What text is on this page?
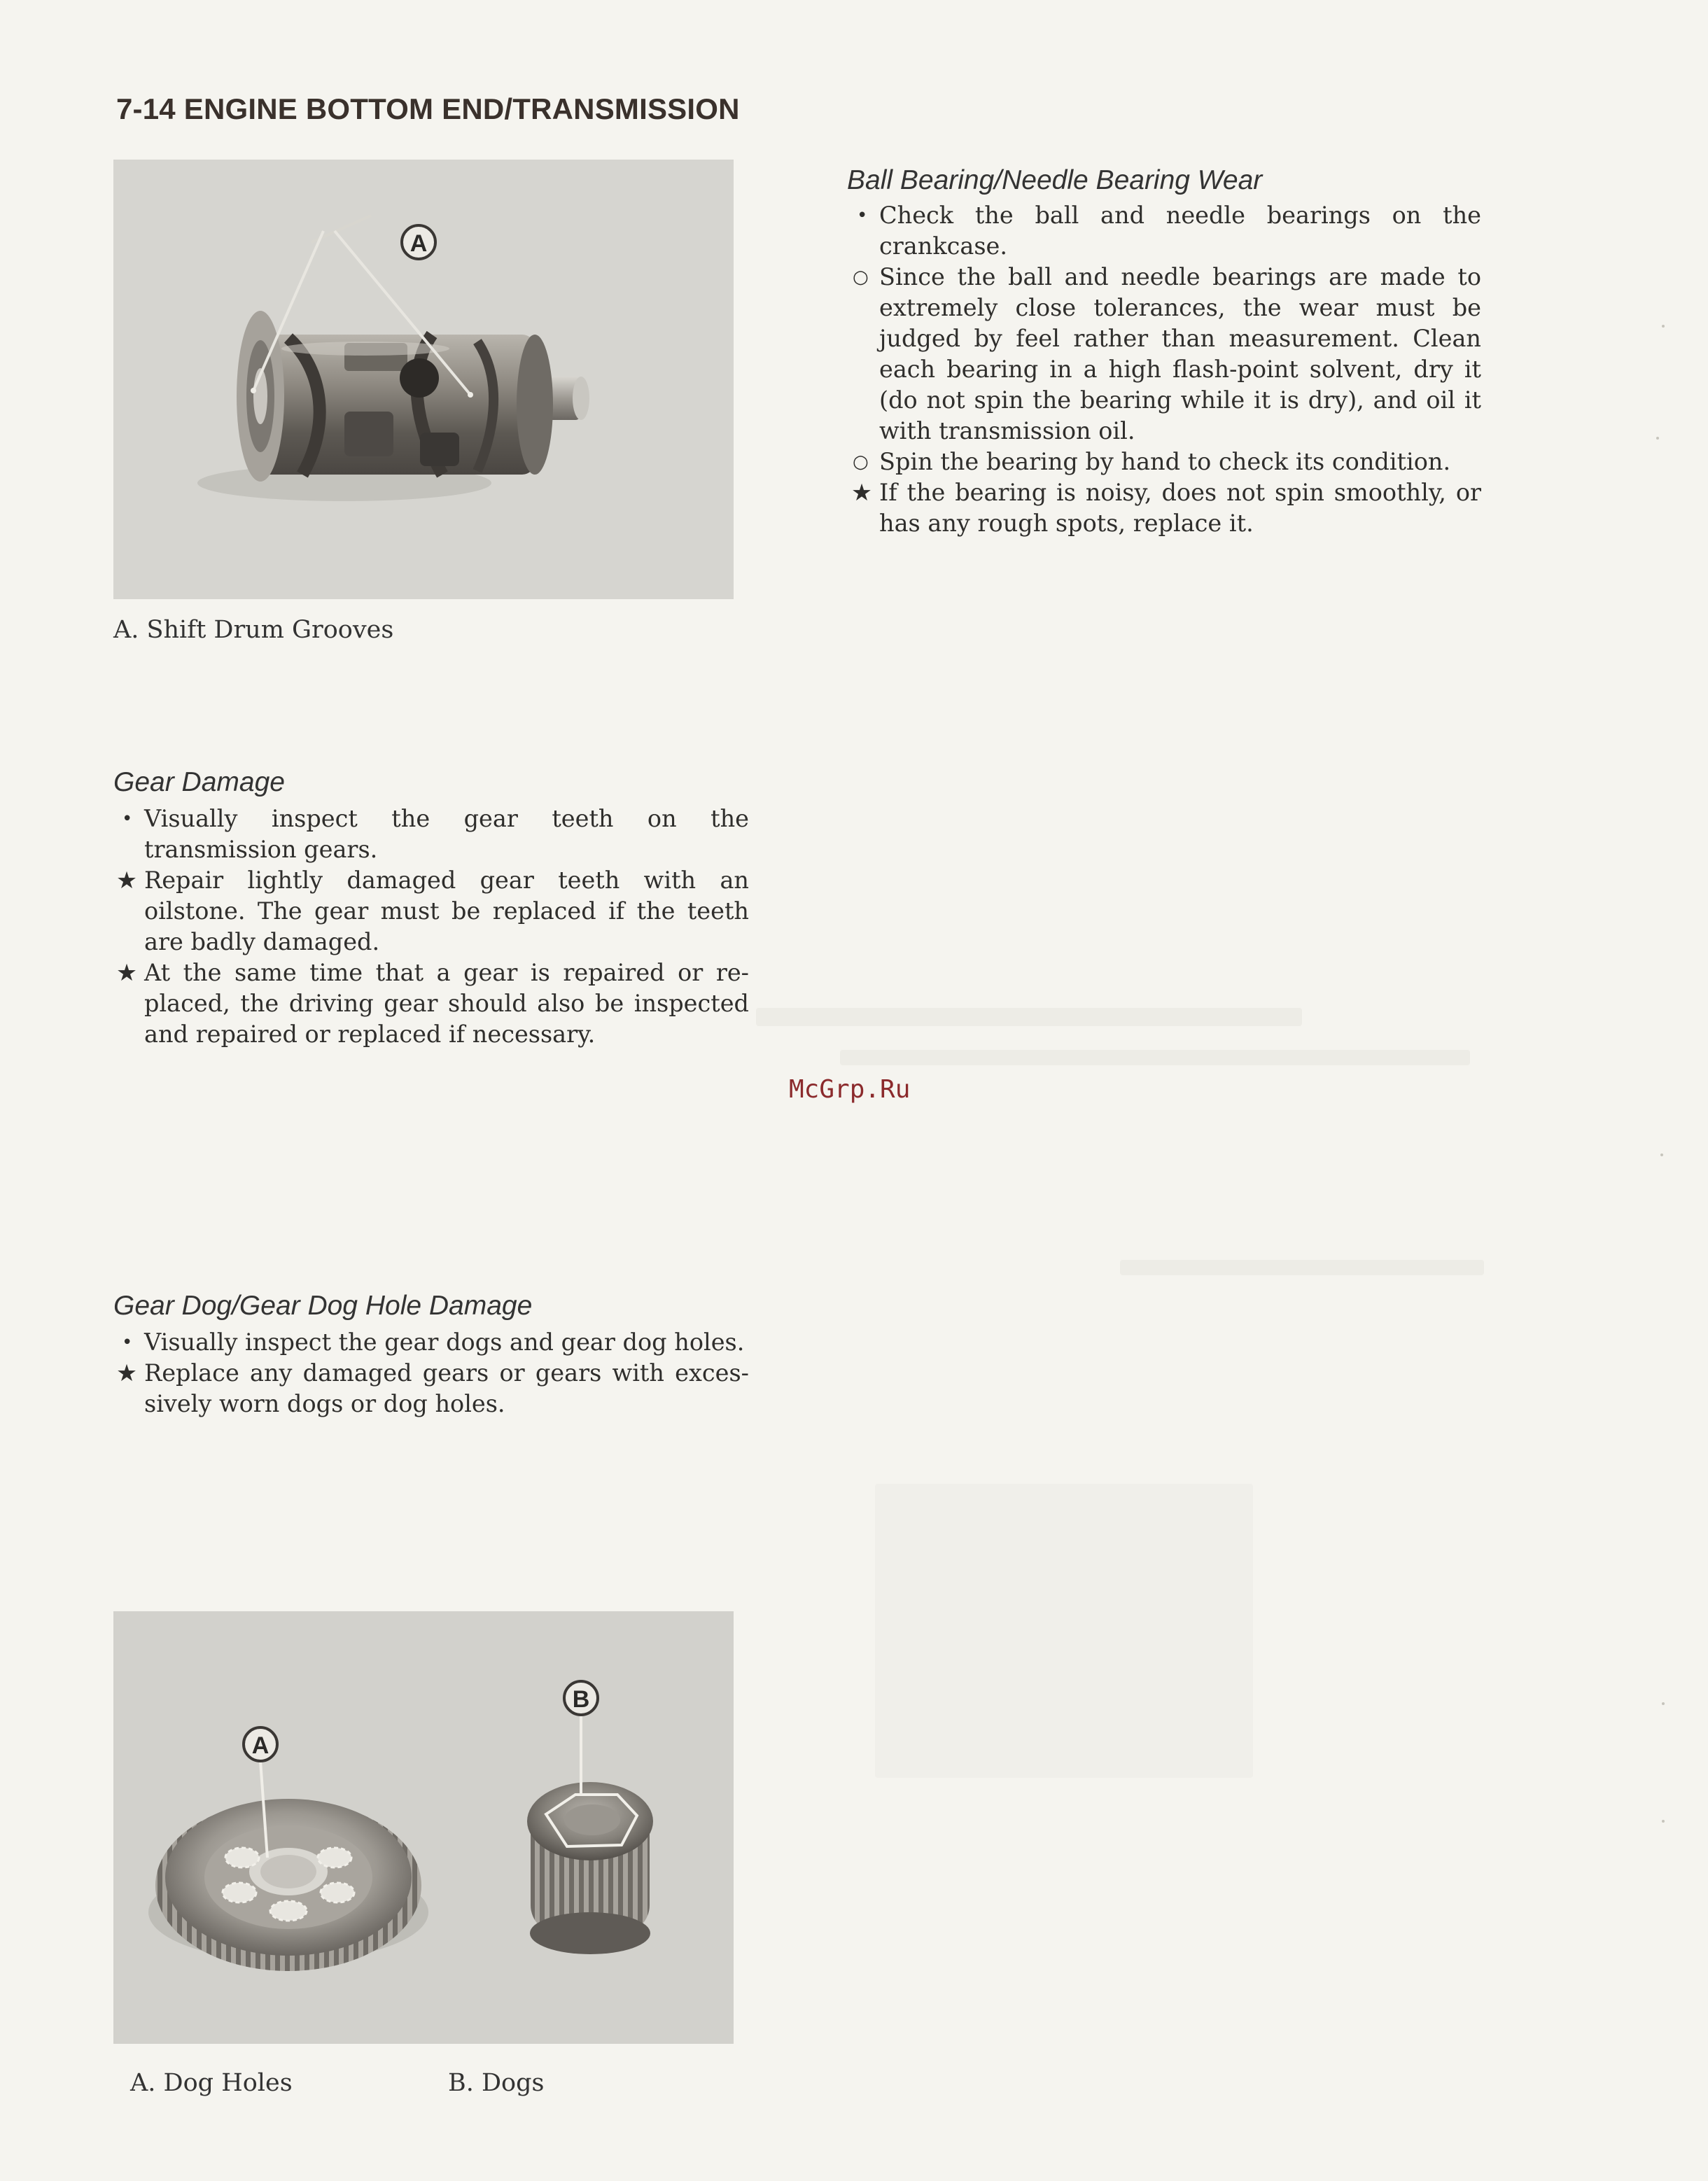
7-14 ENGINE BOTTOM END/TRANSMISSION
A
A. Shift Drum Grooves
Gear Damage
• Visually inspect the gear teeth on the transmission gears.
★ Repair lightly damaged gear teeth with an oilstone. The gear must be replaced if the teeth are badly damaged.
★ At the same time that a gear is repaired or re-placed, the driving gear should also be inspected and repaired or replaced if necessary.
Gear Dog/Gear Dog Hole Damage
• Visually inspect the gear dogs and gear dog holes.
★ Replace any damaged gears or gears with exces-sively worn dogs or dog holes.
A
B
A. Dog Holes	B. Dogs
Ball Bearing/Needle Bearing Wear
• Check the ball and needle bearings on the crankcase.
○ Since the ball and needle bearings are made to extremely close tolerances, the wear must be judged by feel rather than measurement. Clean each bearing in a high flash-point solvent, dry it (do not spin the bearing while it is dry), and oil it with transmission oil.
○ Spin the bearing by hand to check its condition.
★ If the bearing is noisy, does not spin smoothly, or has any rough spots, replace it.
McGrp.Ru
